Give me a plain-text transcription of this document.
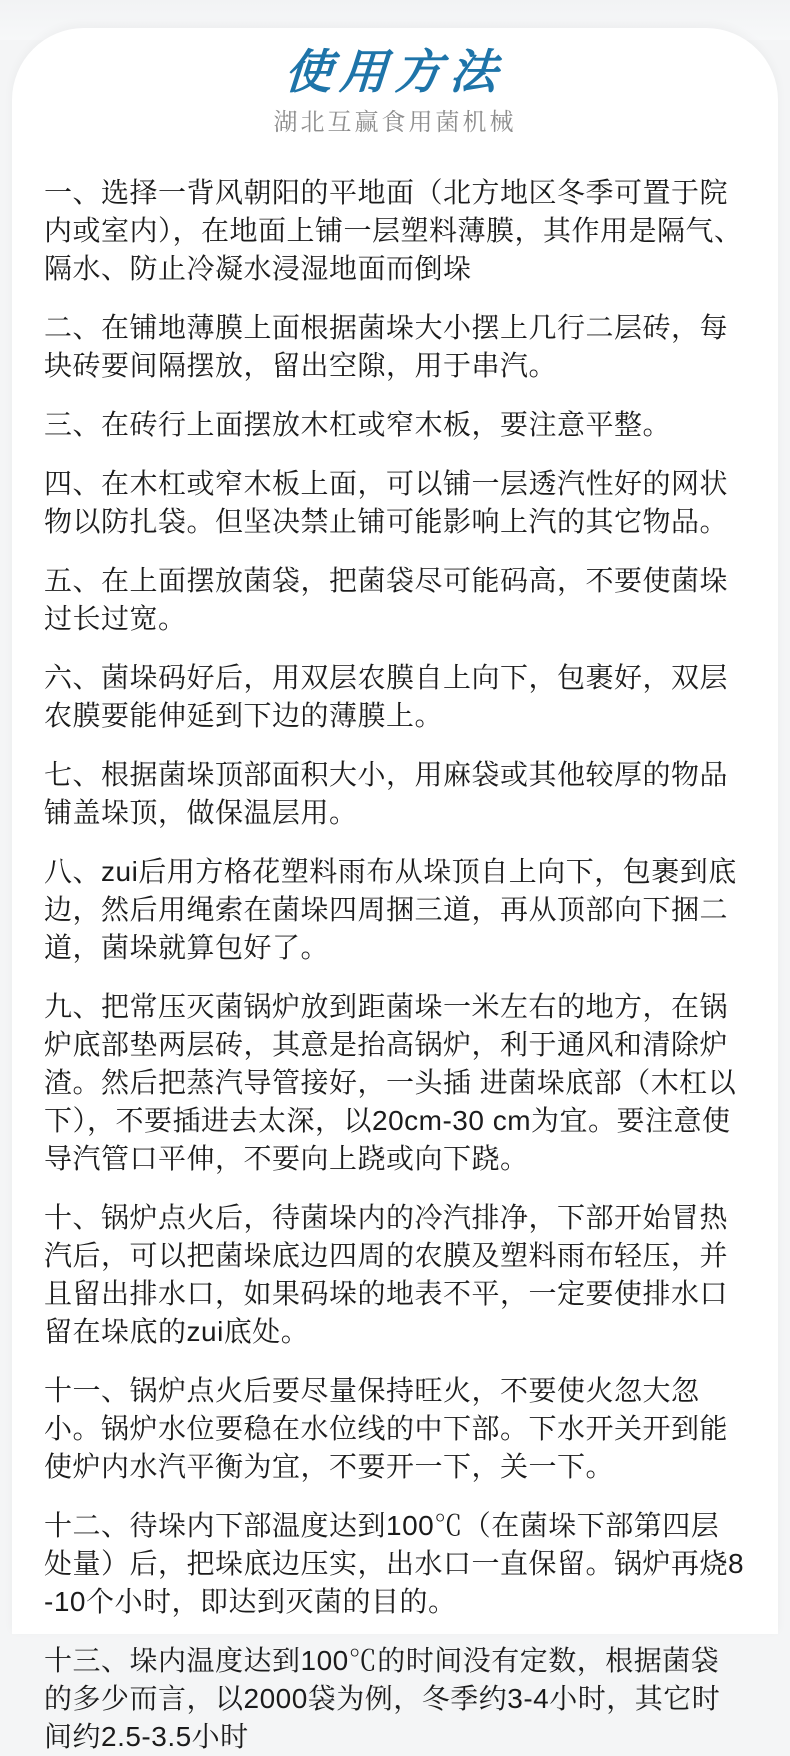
使用方法
湖北互赢食用菌机械

一、选择一背风朝阳的平地面（北方地区冬季可置于院内或室内），在地面上铺一层塑料薄膜，其作用是隔气、隔水、防止冷凝水浸湿地面而倒垛

二、在铺地薄膜上面根据菌垛大小摆上几行二层砖，每块砖要间隔摆放，留出空隙，用于串汽。

三、在砖行上面摆放木杠或窄木板，要注意平整。

四、在木杠或窄木板上面，可以铺一层透汽性好的网状物以防扎袋。但坚决禁止铺可能影响上汽的其它物品。

五、在上面摆放菌袋，把菌袋尽可能码高，不要使菌垛过长过宽。

六、菌垛码好后，用双层农膜自上向下，包裹好，双层农膜要能伸延到下边的薄膜上。

七、根据菌垛顶部面积大小，用麻袋或其他较厚的物品铺盖垛顶，做保温层用。

八、zui后用方格花塑料雨布从垛顶自上向下，包裹到底边，然后用绳索在菌垛四周捆三道，再从顶部向下捆二道，菌垛就算包好了。

九、把常压灭菌锅炉放到距菌垛一米左右的地方，在锅炉底部垫两层砖，其意是抬高锅炉，利于通风和清除炉渣。然后把蒸汽导管接好，一头插 进菌垛底部（木杠以下），不要插进去太深，以20cm-30 cm为宜。要注意使导汽管口平伸，不要向上跷或向下跷。

十、锅炉点火后，待菌垛内的冷汽排净，下部开始冒热汽后，可以把菌垛底边四周的农膜及塑料雨布轻压，并且留出排水口，如果码垛的地表不平，一定要使排水口留在垛底的zui底处。

十一、锅炉点火后要尽量保持旺火，不要使火忽大忽小。锅炉水位要稳在水位线的中下部。下水开关开到能使炉内水汽平衡为宜，不要开一下，关一下。

十二、待垛内下部温度达到100℃（在菌垛下部第四层处量）后，把垛底边压实，出水口一直保留。锅炉再烧8-10个小时，即达到灭菌的目的。

十三、垛内温度达到100℃的时间没有定数，根据菌袋的多少而言，以2000袋为例，冬季约3-4小时，其它时间约2.5-3.5小时
